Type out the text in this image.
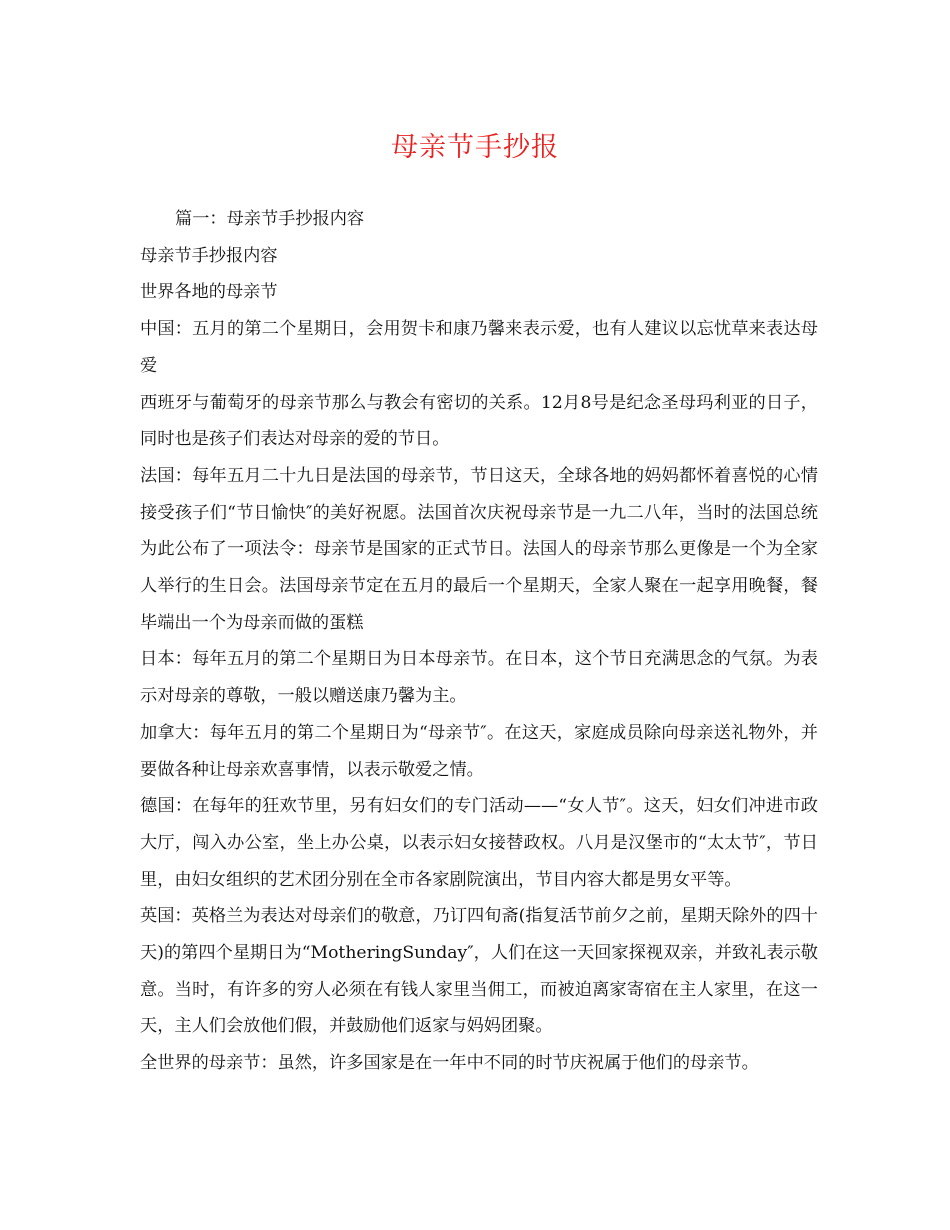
母亲节手抄报

篇一：母亲节手抄报内容

母亲节手抄报内容

世界各地的母亲节

中国：五月的第二个星期日，会用贺卡和康乃馨来表示爱，也有人建议以忘忧草来表达母爱

西班牙与葡萄牙的母亲节那么与教会有密切的关系。12月8号是纪念圣母玛利亚的日子，同时也是孩子们表达对母亲的爱的节日。

法国：每年五月二十九日是法国的母亲节，节日这天，全球各地的妈妈都怀着喜悦的心情接受孩子们“节日愉快″的美好祝愿。法国首次庆祝母亲节是一九二八年，当时的法国总统为此公布了一项法令：母亲节是国家的正式节日。法国人的母亲节那么更像是一个为全家人举行的生日会。法国母亲节定在五月的最后一个星期天，全家人聚在一起享用晚餐，餐毕端出一个为母亲而做的蛋糕

日本：每年五月的第二个星期日为日本母亲节。在日本，这个节日充满思念的气氛。为表示对母亲的尊敬，一般以赠送康乃馨为主。

加拿大：每年五月的第二个星期日为“母亲节″。在这天，家庭成员除向母亲送礼物外，并要做各种让母亲欢喜事情，以表示敬爱之情。

德国：在每年的狂欢节里，另有妇女们的专门活动——“女人节″。这天，妇女们冲进市政大厅，闯入办公室，坐上办公桌，以表示妇女接替政权。八月是汉堡市的“太太节″，节日里，由妇女组织的艺术团分别在全市各家剧院演出，节目内容大都是男女平等。

英国：英格兰为表达对母亲们的敬意，乃订四旬斋(指复活节前夕之前，星期天除外的四十天)的第四个星期日为“MotheringSunday″，人们在这一天回家探视双亲，并致礼表示敬意。当时，有许多的穷人必须在有钱人家里当佣工，而被迫离家寄宿在主人家里，在这一天，主人们会放他们假，并鼓励他们返家与妈妈团聚。

全世界的母亲节：虽然，许多国家是在一年中不同的时节庆祝属于他们的母亲节。
